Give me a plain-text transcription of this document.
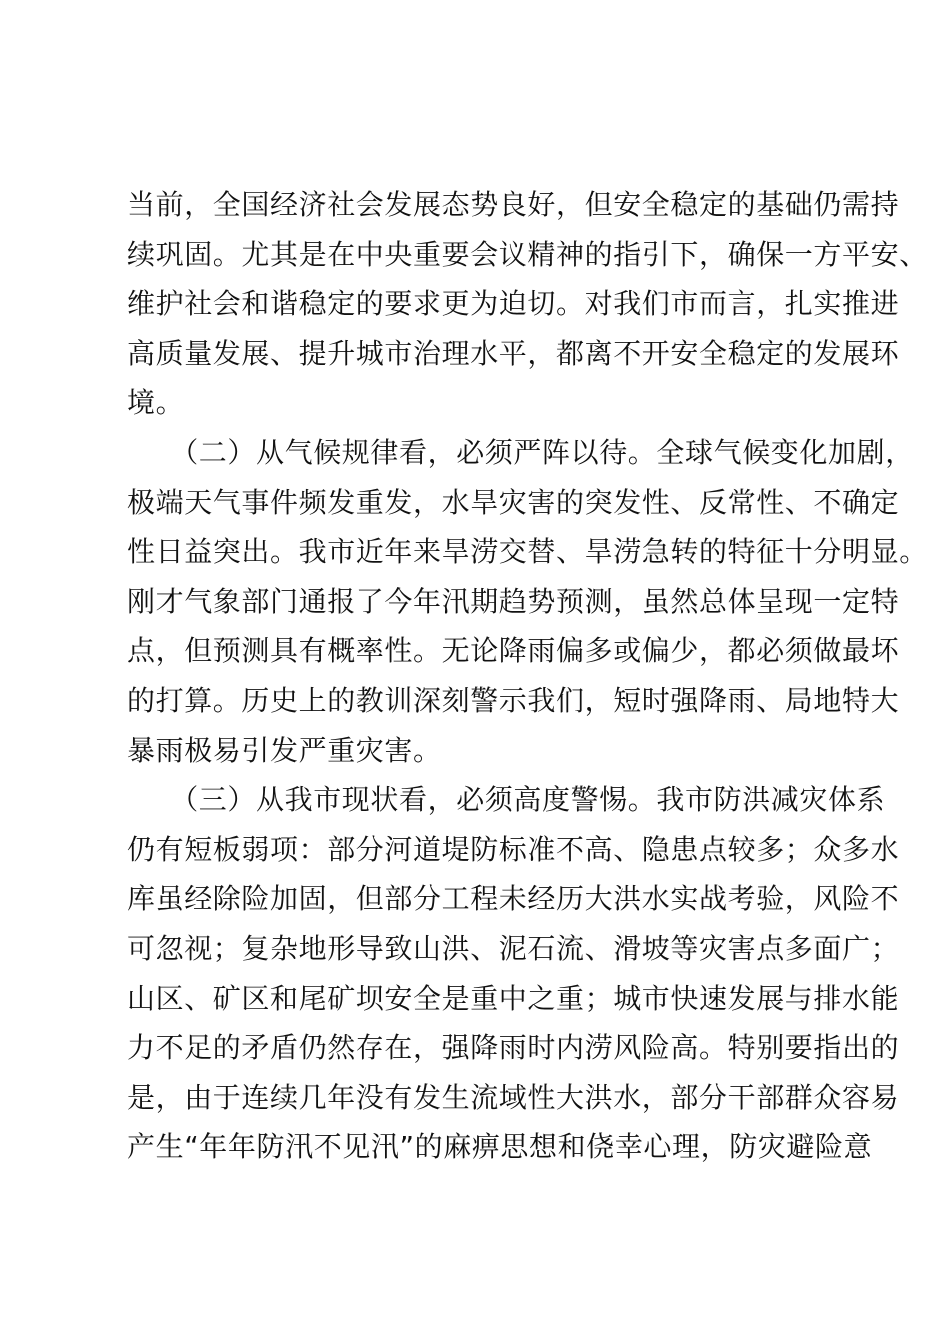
当前，全国经济社会发展态势良好，但安全稳定的基础仍需持
续巩固。尤其是在中央重要会议精神的指引下，确保一方平安、
维护社会和谐稳定的要求更为迫切。对我们市而言，扎实推进
高质量发展、提升城市治理水平，都离不开安全稳定的发展环
境。
　　（二）从气候规律看，必须严阵以待。全球气候变化加剧，
极端天气事件频发重发，水旱灾害的突发性、反常性、不确定
性日益突出。我市近年来旱涝交替、旱涝急转的特征十分明显。
刚才气象部门通报了今年汛期趋势预测，虽然总体呈现一定特
点，但预测具有概率性。无论降雨偏多或偏少，都必须做最坏
的打算。历史上的教训深刻警示我们，短时强降雨、局地特大
暴雨极易引发严重灾害。
　　（三）从我市现状看，必须高度警惕。我市防洪减灾体系
仍有短板弱项：部分河道堤防标准不高、隐患点较多；众多水
库虽经除险加固，但部分工程未经历大洪水实战考验，风险不
可忽视；复杂地形导致山洪、泥石流、滑坡等灾害点多面广；
山区、矿区和尾矿坝安全是重中之重；城市快速发展与排水能
力不足的矛盾仍然存在，强降雨时内涝风险高。特别要指出的
是，由于连续几年没有发生流域性大洪水，部分干部群众容易
产生“年年防汛不见汛”的麻痹思想和侥幸心理，防灾避险意
